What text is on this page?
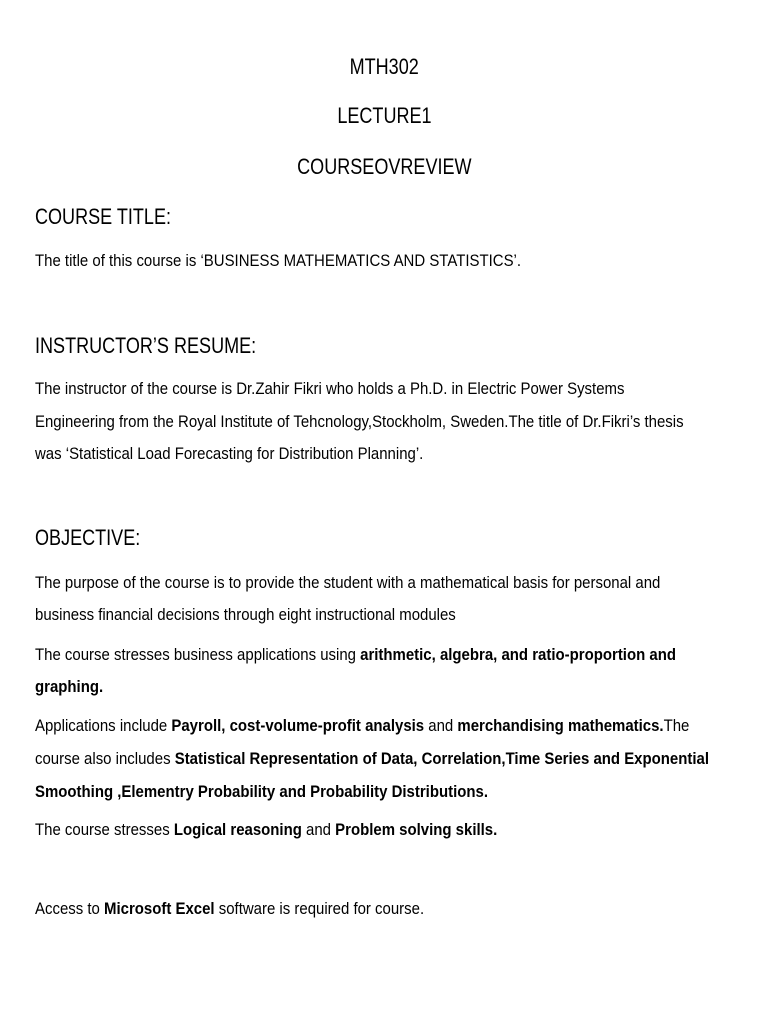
MTH302
LECTURE1
COURSEOVREVIEW
COURSE TITLE:
The title of this course is ‘BUSINESS MATHEMATICS AND STATISTICS’.
INSTRUCTOR’S RESUME:
The instructor of the course is Dr.Zahir Fikri who holds a Ph.D. in Electric Power Systems
Engineering from the Royal Institute of Tehcnology,Stockholm, Sweden.The title of Dr.Fikri’s thesis
was ‘Statistical Load Forecasting for Distribution Planning’.
OBJECTIVE:
The purpose of the course is to provide the student with a mathematical basis for personal and
business financial decisions through eight instructional modules
The course stresses business applications using arithmetic, algebra, and ratio-proportion and
graphing.
Applications include Payroll, cost-volume-profit analysis and merchandising mathematics.The
course also includes Statistical Representation of Data, Correlation,Time Series and Exponential
Smoothing ,Elementry Probability and Probability Distributions.
The course stresses Logical reasoning and Problem solving skills.
Access to Microsoft Excel software is required for course.
